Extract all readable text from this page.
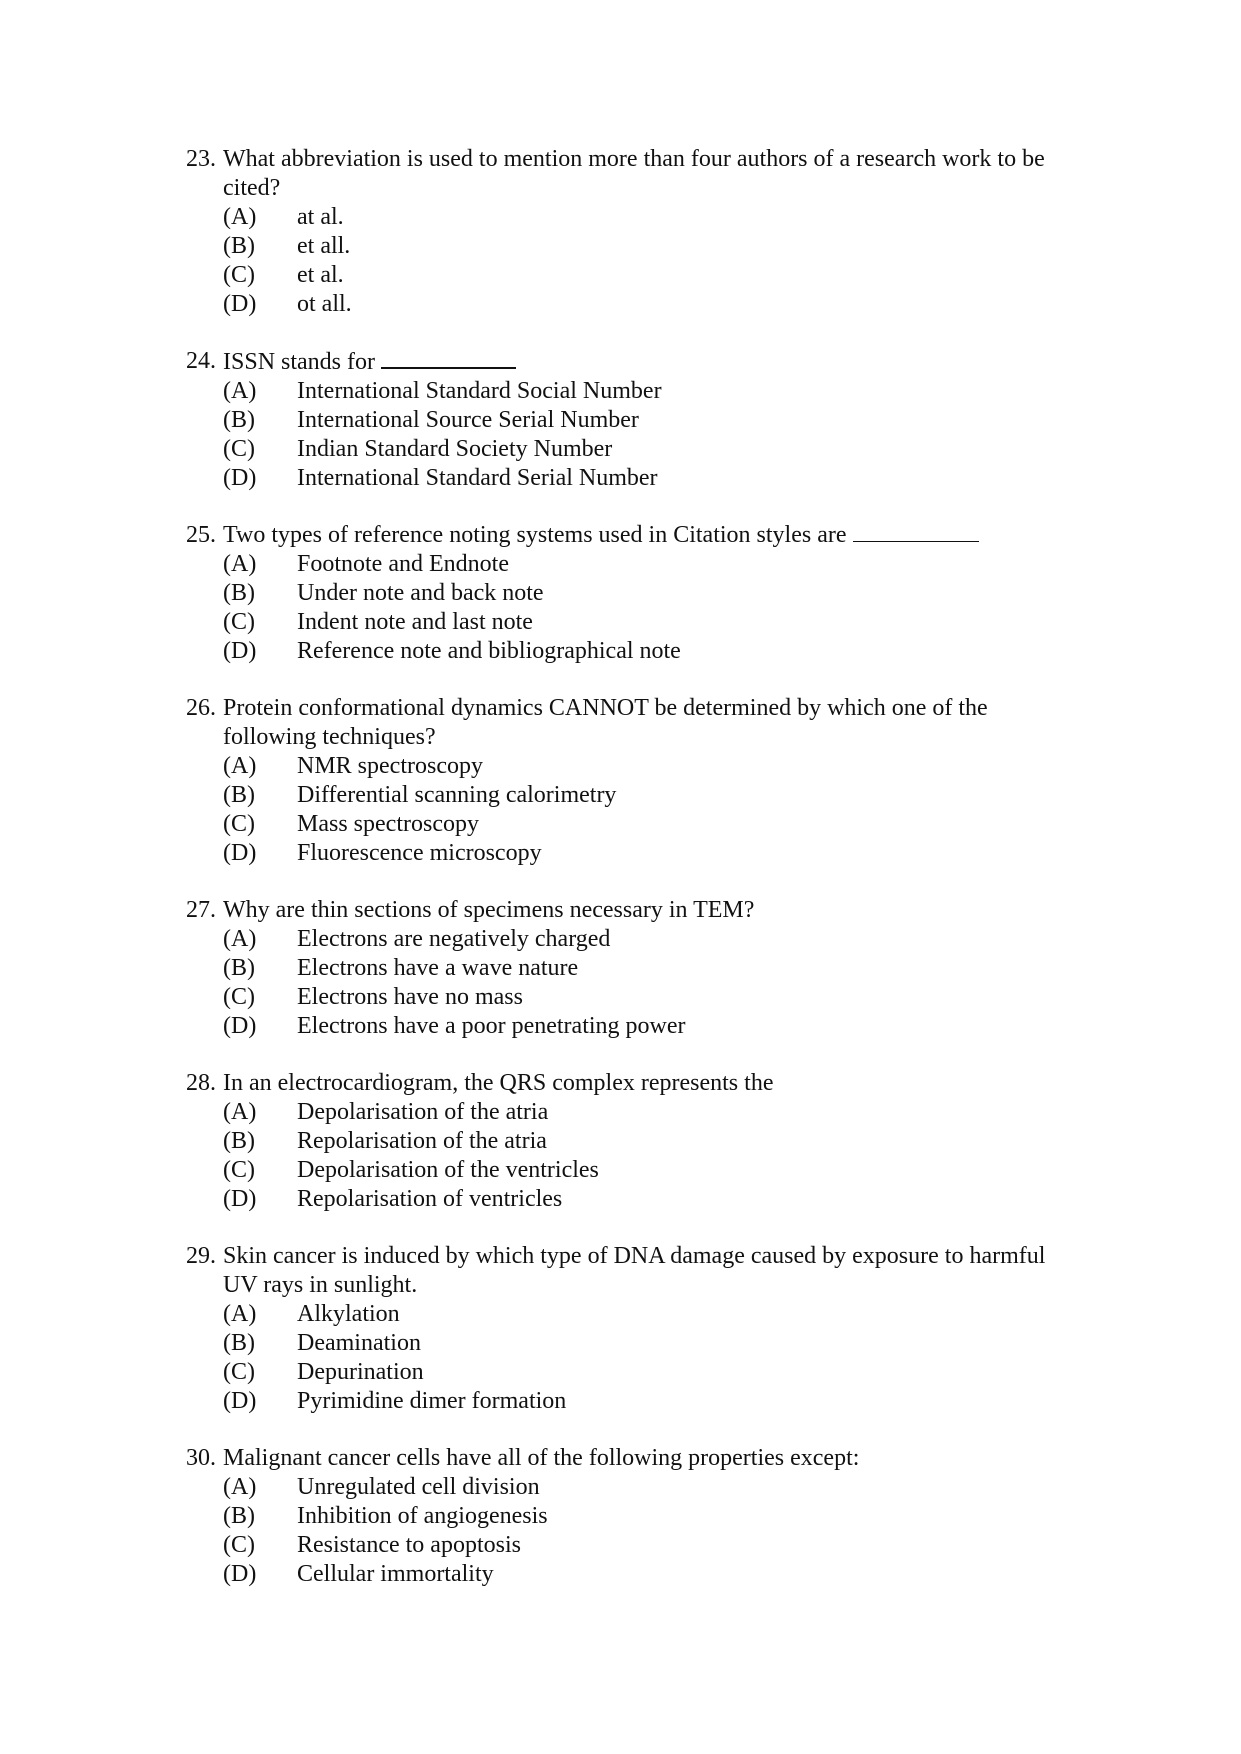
23. What abbreviation is used to mention more than four authors of a research work to be cited?
(A)	at al.
(B)	et all.
(C)	et al.
(D)	ot all.
24. ISSN stands for
(A)	International Standard Social Number
(B)	International Source Serial Number
(C)	Indian Standard Society Number
(D)	International Standard Serial Number
25. Two types of reference noting systems used in Citation styles are
(A)	Footnote and Endnote
(B)	Under note and back note
(C)	Indent note and last note
(D)	Reference note and bibliographical note
26. Protein conformational dynamics CANNOT be determined by which one of the following techniques?
(A)	NMR spectroscopy
(B)	Differential scanning calorimetry
(C)	Mass spectroscopy
(D)	Fluorescence microscopy
27. Why are thin sections of specimens necessary in TEM?
(A)	Electrons are negatively charged
(B)	Electrons have a wave nature
(C)	Electrons have no mass
(D)	Electrons have a poor penetrating power
28. In an electrocardiogram, the QRS complex represents the
(A)	Depolarisation of the atria
(B)	Repolarisation of the atria
(C)	Depolarisation of the ventricles
(D)	Repolarisation of ventricles
29. Skin cancer is induced by which type of DNA damage caused by exposure to harmful UV rays in sunlight.
(A)	Alkylation
(B)	Deamination
(C)	Depurination
(D)	Pyrimidine dimer formation
30. Malignant cancer cells have all of the following properties except:
(A)	Unregulated cell division
(B)	Inhibition of angiogenesis
(C)	Resistance to apoptosis
(D)	Cellular immortality
